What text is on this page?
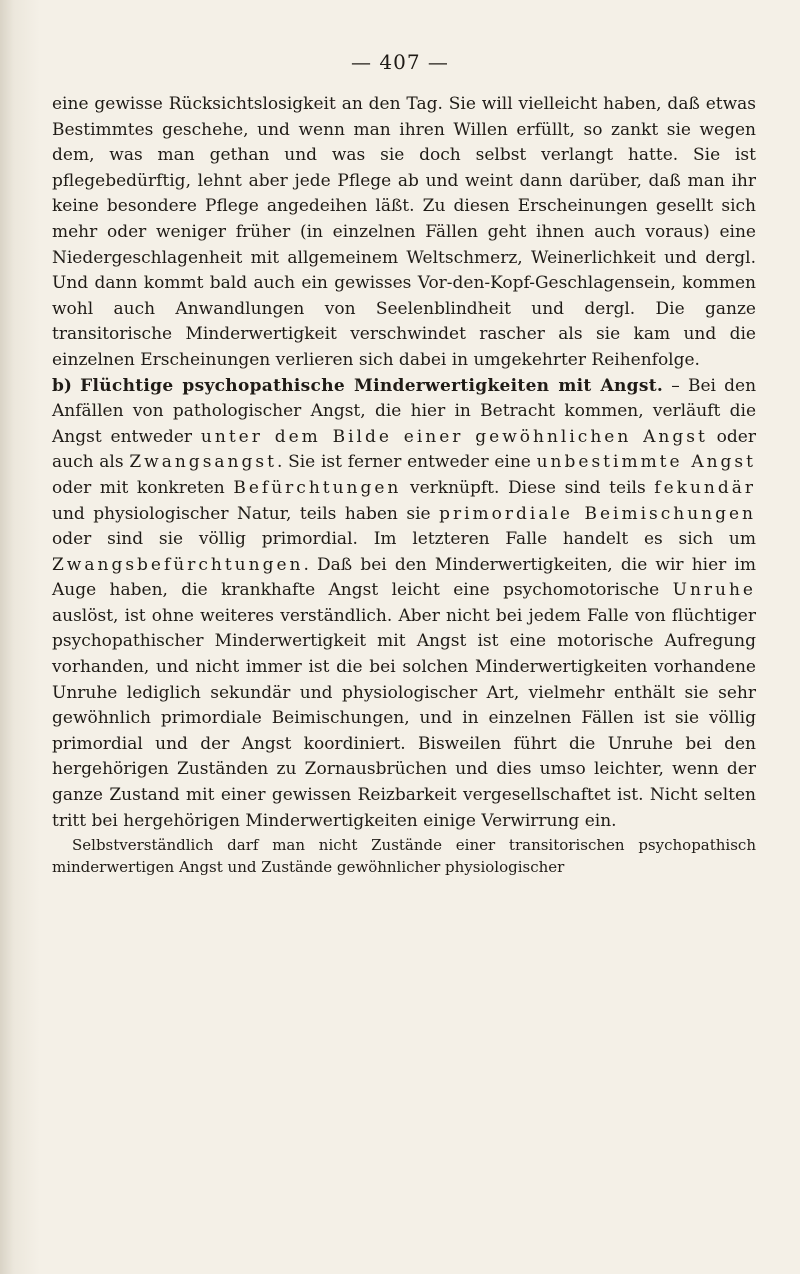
— 407 —

eine gewisse Rücksichtslosigkeit an den Tag. Sie will vielleicht haben, daß etwas Bestimmtes geschehe, und wenn man ihren Willen erfüllt, so zankt sie wegen dem, was man gethan und was sie doch selbst verlangt hatte. Sie ist pflegebedürftig, lehnt aber jede Pflege ab und weint dann darüber, daß man ihr keine besondere Pflege angedeihen läßt. Zu diesen Erscheinungen gesellt sich mehr oder weniger früher (in einzelnen Fällen geht ihnen auch voraus) eine Niedergeschlagenheit mit allgemeinem Weltschmerz, Weinerlichkeit und dergl. Und dann kommt bald auch ein gewisses Vor-den-Kopf-Geschlagensein, kommen wohl auch Anwandlungen von Seelenblindheit und dergl. Die ganze transitorische Minderwertigkeit verschwindet rascher als sie kam und die einzelnen Erscheinungen verlieren sich dabei in umgekehrter Reihenfolge.

b) Flüchtige psychopathische Minderwertigkeiten mit Angst. – Bei den Anfällen von pathologischer Angst, die hier in Betracht kommen, verläuft die Angst entweder unter dem Bilde einer gewöhnlichen Angst oder auch als Zwangsangst. Sie ist ferner entweder eine unbestimmte Angst oder mit konkreten Befürchtungen verknüpft. Diese sind teils fekundär und physiologischer Natur, teils haben sie primordiale Beimischungen oder sind sie völlig primordial. Im letzteren Falle handelt es sich um Zwangsbefürchtungen. Daß bei den Minderwertigkeiten, die wir hier im Auge haben, die krankhafte Angst leicht eine psychomotorische Unruhe auslöst, ist ohne weiteres verständlich. Aber nicht bei jedem Falle von flüchtiger psychopathischer Minderwertigkeit mit Angst ist eine motorische Aufregung vorhanden, und nicht immer ist die bei solchen Minderwertigkeiten vorhandene Unruhe lediglich sekundär und physiologischer Art, vielmehr enthält sie sehr gewöhnlich primordiale Beimischungen, und in einzelnen Fällen ist sie völlig primordial und der Angst koordiniert. Bisweilen führt die Unruhe bei den hergehörigen Zuständen zu Zornausbrüchen und dies umso leichter, wenn der ganze Zustand mit einer gewissen Reizbarkeit vergesellschaftet ist. Nicht selten tritt bei hergehörigen Minderwertigkeiten einige Verwirrung ein.

Selbstverständlich darf man nicht Zustände einer transitorischen psychopathisch minderwertigen Angst und Zustände gewöhnlicher physiologischer
